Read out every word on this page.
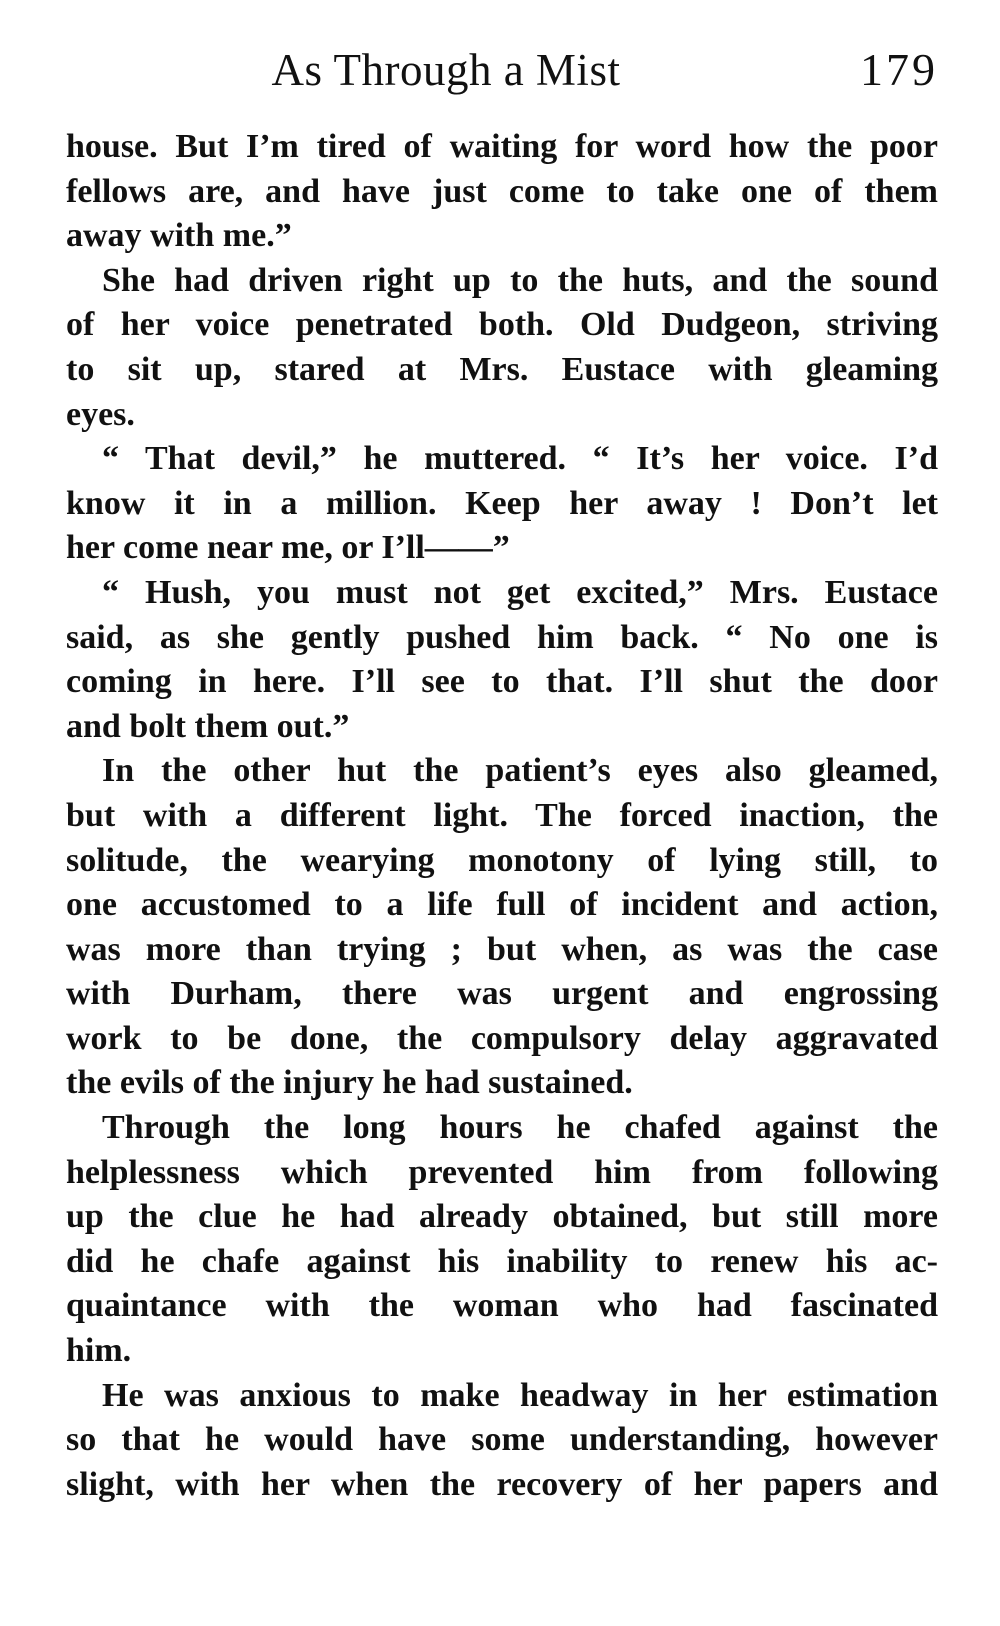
As Through a Mist	179
house. But I’m tired of waiting for word how the poor
fellows are, and have just come to take one of them
away with me.”
She had driven right up to the huts, and the sound
of her voice penetrated both. Old Dudgeon, striving
to sit up, stared at Mrs. Eustace with gleaming
eyes.
“ That devil,” he muttered. “ It’s her voice. I’d
know it in a million. Keep her away ! Don’t let
her come near me, or I’ll——”
“ Hush, you must not get excited,” Mrs. Eustace
said, as she gently pushed him back. “ No one is
coming in here. I’ll see to that. I’ll shut the door
and bolt them out.”
In the other hut the patient’s eyes also gleamed,
but with a different light. The forced inaction, the
solitude, the wearying monotony of lying still, to
one accustomed to a life full of incident and action,
was more than trying ; but when, as was the case
with Durham, there was urgent and engrossing
work to be done, the compulsory delay aggravated
the evils of the injury he had sustained.
Through the long hours he chafed against the
helplessness which prevented him from following
up the clue he had already obtained, but still more
did he chafe against his inability to renew his ac-
quaintance with the woman who had fascinated
him.
He was anxious to make headway in her estimation
so that he would have some understanding, however
slight, with her when the recovery of her papers and
